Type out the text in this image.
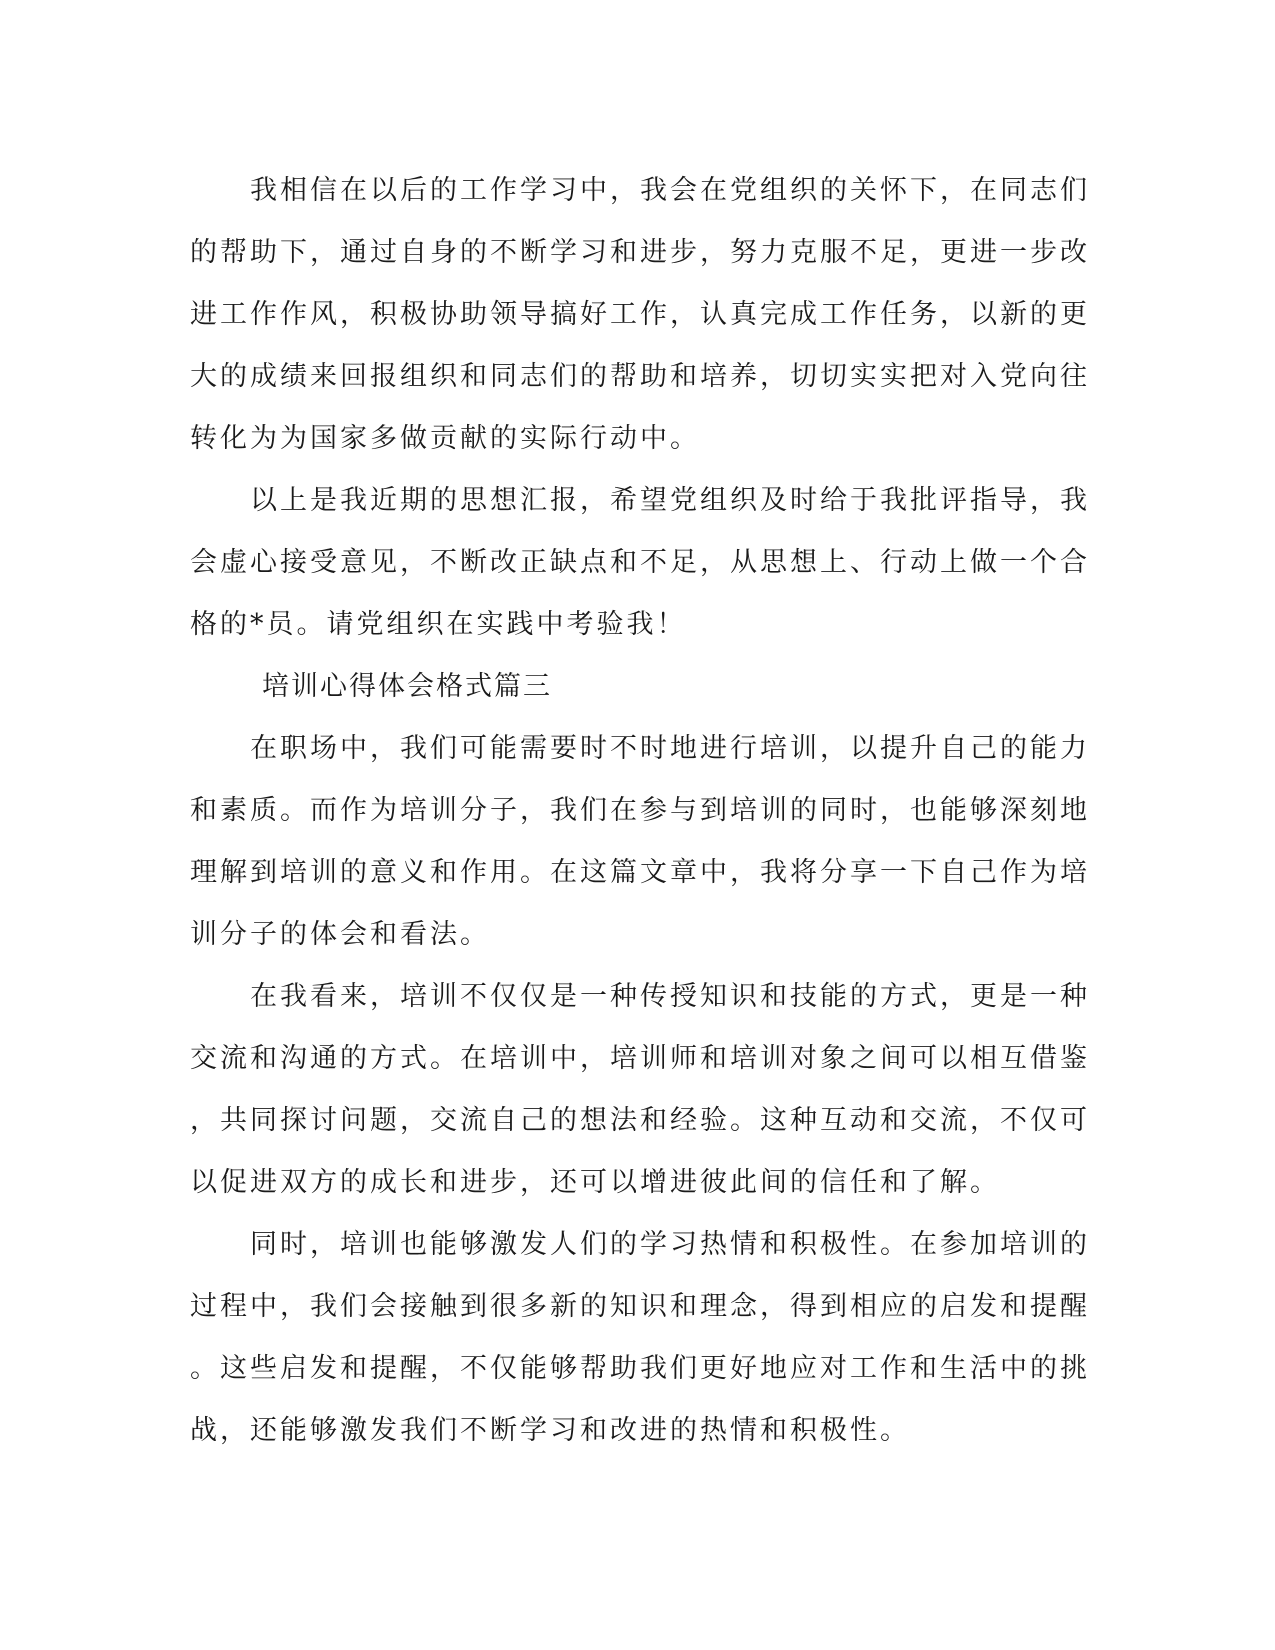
　　我相信在以后的工作学习中，我会在党组织的关怀下，在同志们
的帮助下，通过自身的不断学习和进步，努力克服不足，更进一步改
进工作作风，积极协助领导搞好工作，认真完成工作任务，以新的更
大的成绩来回报组织和同志们的帮助和培养，切切实实把对入党向往
转化为为国家多做贡献的实际行动中。
　　以上是我近期的思想汇报，希望党组织及时给于我批评指导，我
会虚心接受意见，不断改正缺点和不足，从思想上、行动上做一个合
格的*员。请党组织在实践中考验我！
培训心得体会格式篇三
　　在职场中，我们可能需要时不时地进行培训，以提升自己的能力
和素质。而作为培训分子，我们在参与到培训的同时，也能够深刻地
理解到培训的意义和作用。在这篇文章中，我将分享一下自己作为培
训分子的体会和看法。
　　在我看来，培训不仅仅是一种传授知识和技能的方式，更是一种
交流和沟通的方式。在培训中，培训师和培训对象之间可以相互借鉴
，共同探讨问题，交流自己的想法和经验。这种互动和交流，不仅可
以促进双方的成长和进步，还可以增进彼此间的信任和了解。
　　同时，培训也能够激发人们的学习热情和积极性。在参加培训的
过程中，我们会接触到很多新的知识和理念，得到相应的启发和提醒
。这些启发和提醒，不仅能够帮助我们更好地应对工作和生活中的挑
战，还能够激发我们不断学习和改进的热情和积极性。
